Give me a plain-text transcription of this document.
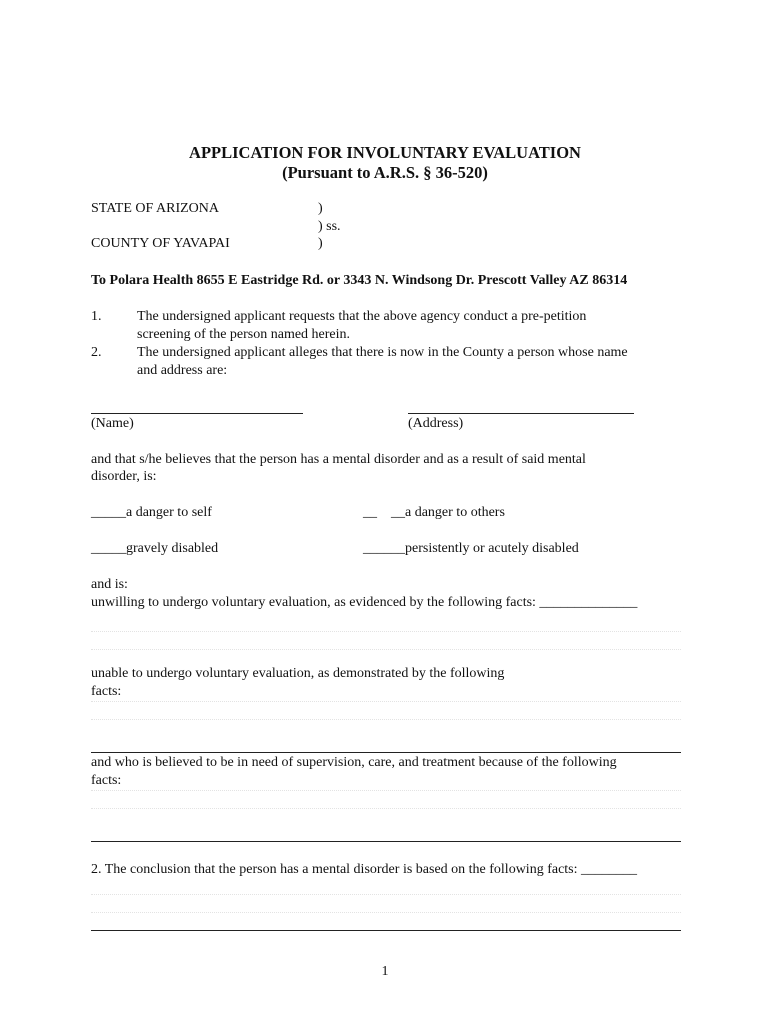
APPLICATION FOR INVOLUNTARY EVALUATION
(Pursuant to A.R.S. § 36-520)
STATE OF ARIZONA	)
) ss.
COUNTY OF YAVAPAI	)
To Polara Health 8655 E Eastridge Rd. or 3343 N. Windsong Dr. Prescott Valley AZ 86314
1.	The undersigned applicant requests that the above agency conduct a pre-petition
screening of the person named herein.
2.	The undersigned applicant alleges that there is now in the County a person whose name
and address are:
(Name)	(Address)
and that s/he believes that the person has a mental disorder and as a result of said mental
disorder, is:
_____a danger to self	__    __a danger to others
_____gravely disabled	______persistently or acutely disabled
and is:
unwilling to undergo voluntary evaluation, as evidenced by the following facts: ______________
unable to undergo voluntary evaluation, as demonstrated by the following
facts:
and who is believed to be in need of supervision, care, and treatment because of the following
facts:
2. The conclusion that the person has a mental disorder is based on the following facts: ________
1
